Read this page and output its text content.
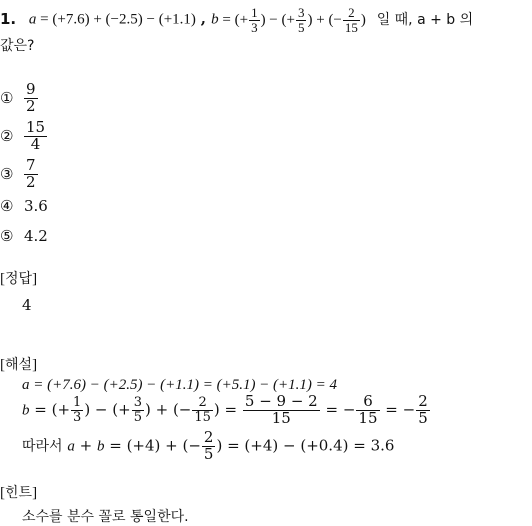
1. a = (+7.6) + (−2.5) − (+1.1) , b = (+ $\frac{1}{3}$ ) − (+ $\frac{3}{5}$ ) + (− $\frac{2}{15}$ ) 일 때, a + b 의
값은?
① $\frac{9}{2}$
② $\frac{15}{4}$
③ $\frac{7}{2}$
④ 3.6
⑤ 4.2
[정답]
4
[해설]
a = (+7.6) − (+2.5) − (+1.1) = (+5.1) − (+1.1) = 4
b = (+ $\frac{1}{3}$ ) − (+ $\frac{3}{5}$ ) + (− $\frac{2}{15}$ ) = $\frac{5 - 9 - 2}{15}$ = − $\frac{6}{15}$ = − $\frac{2}{5}$
따라서 a + b = (+4) + (− $\frac{2}{5}$ ) = (+4) − (+0.4) = 3.6
[힌트]
소수를 분수 꼴로 통일한다.
